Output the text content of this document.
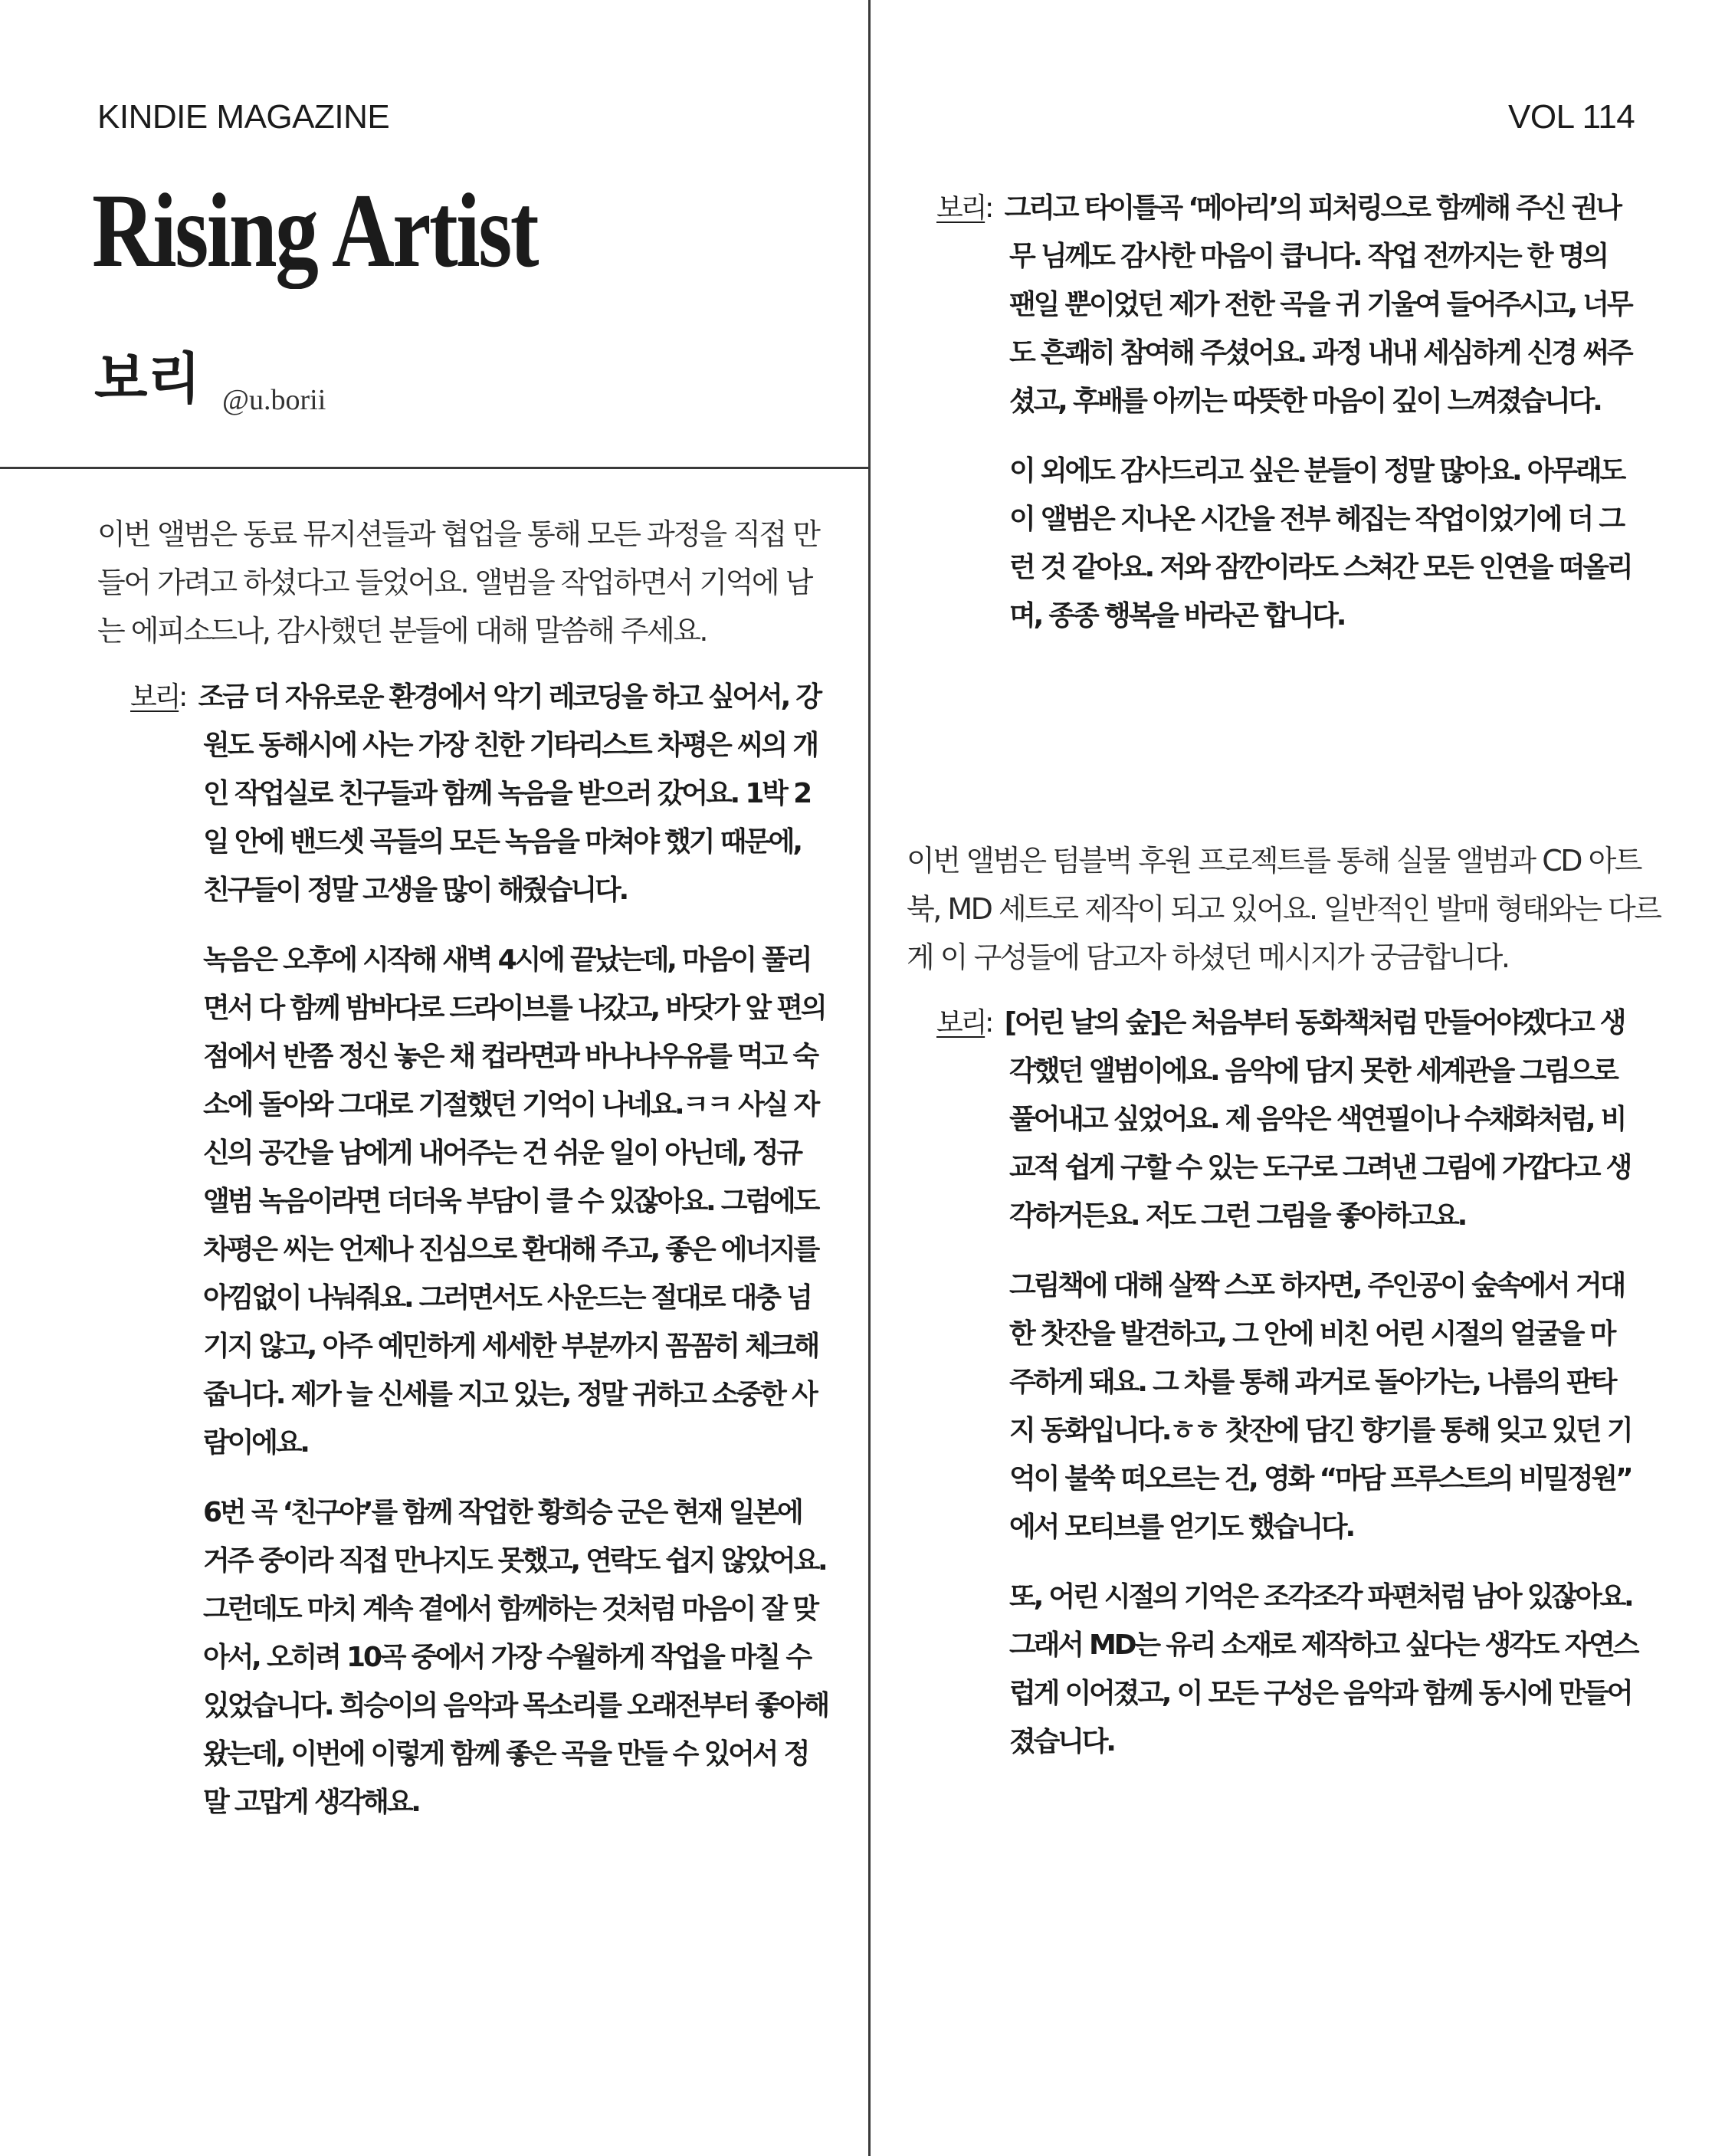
KINDIE MAGAZINE	VOL 114
Rising Artist
보리 @u.borii

이번 앨범은 동료 뮤지션들과 협업을 통해 모든 과정을 직접 만들어 가려고 하셨다고 들었어요. 앨범을 작업하면서 기억에 남는 에피소드나, 감사했던 분들에 대해 말씀해 주세요.

보리:  조금 더 자유로운 환경에서 악기 레코딩을 하고 싶어서, 강원도 동해시에 사는 가장 친한 기타리스트 차평은 씨의 개인 작업실로 친구들과 함께 녹음을 받으러 갔어요. 1박 2일 안에 밴드셋 곡들의 모든 녹음을 마쳐야 했기 때문에, 친구들이 정말 고생을 많이 해줬습니다.

녹음은 오후에 시작해 새벽 4시에 끝났는데, 마음이 풀리면서 다 함께 밤바다로 드라이브를 나갔고, 바닷가 앞 편의점에서 반쯤 정신 놓은 채 컵라면과 바나나우유를 먹고 숙소에 돌아와 그대로 기절했던 기억이 나네요.ㅋㅋ 사실 자신의 공간을 남에게 내어주는 건 쉬운 일이 아닌데, 정규 앨범 녹음이라면 더더욱 부담이 클 수 있잖아요. 그럼에도 차평은 씨는 언제나 진심으로 환대해 주고, 좋은 에너지를 아낌없이 나눠줘요. 그러면서도 사운드는 절대로 대충 넘기지 않고, 아주 예민하게 세세한 부분까지 꼼꼼히 체크해 줍니다. 제가 늘 신세를 지고 있는, 정말 귀하고 소중한 사람이에요.

6번 곡 ‘친구야’를 함께 작업한 황희승 군은 현재 일본에 거주 중이라 직접 만나지도 못했고, 연락도 쉽지 않았어요. 그런데도 마치 계속 곁에서 함께하는 것처럼 마음이 잘 맞아서, 오히려 10곡 중에서 가장 수월하게 작업을 마칠 수 있었습니다. 희승이의 음악과 목소리를 오래전부터 좋아해 왔는데, 이번에 이렇게 함께 좋은 곡을 만들 수 있어서 정말 고맙게 생각해요.

보리:  그리고 타이틀곡 ‘메아리’의 피처링으로 함께해 주신 권나무 님께도 감사한 마음이 큽니다. 작업 전까지는 한 명의 팬일 뿐이었던 제가 전한 곡을 귀 기울여 들어주시고, 너무도 흔쾌히 참여해 주셨어요. 과정 내내 세심하게 신경 써주셨고, 후배를 아끼는 따뜻한 마음이 깊이 느껴졌습니다.

이 외에도 감사드리고 싶은 분들이 정말 많아요. 아무래도 이 앨범은 지나온 시간을 전부 헤집는 작업이었기에 더 그런 것 같아요. 저와 잠깐이라도 스쳐간 모든 인연을 떠올리며, 종종 행복을 바라곤 합니다.

이번 앨범은 텀블벅 후원 프로젝트를 통해 실물 앨범과 CD 아트북, MD 세트로 제작이 되고 있어요. 일반적인 발매 형태와는 다르게 이 구성들에 담고자 하셨던 메시지가 궁금합니다.

보리:  [어린 날의 숲]은 처음부터 동화책처럼 만들어야겠다고 생각했던 앨범이에요. 음악에 담지 못한 세계관을 그림으로 풀어내고 싶었어요. 제 음악은 색연필이나 수채화처럼, 비교적 쉽게 구할 수 있는 도구로 그려낸 그림에 가깝다고 생각하거든요. 저도 그런 그림을 좋아하고요.

그림책에 대해 살짝 스포 하자면, 주인공이 숲속에서 거대한 찻잔을 발견하고, 그 안에 비친 어린 시절의 얼굴을 마주하게 돼요. 그 차를 통해 과거로 돌아가는, 나름의 판타지 동화입니다.ㅎㅎ 찻잔에 담긴 향기를 통해 잊고 있던 기억이 불쑥 떠오르는 건, 영화 “마담 프루스트의 비밀정원” 에서 모티브를 얻기도 했습니다.

또, 어린 시절의 기억은 조각조각 파편처럼 남아 있잖아요. 그래서 MD는 유리 소재로 제작하고 싶다는 생각도 자연스럽게 이어졌고, 이 모든 구성은 음악과 함께 동시에 만들어졌습니다.
